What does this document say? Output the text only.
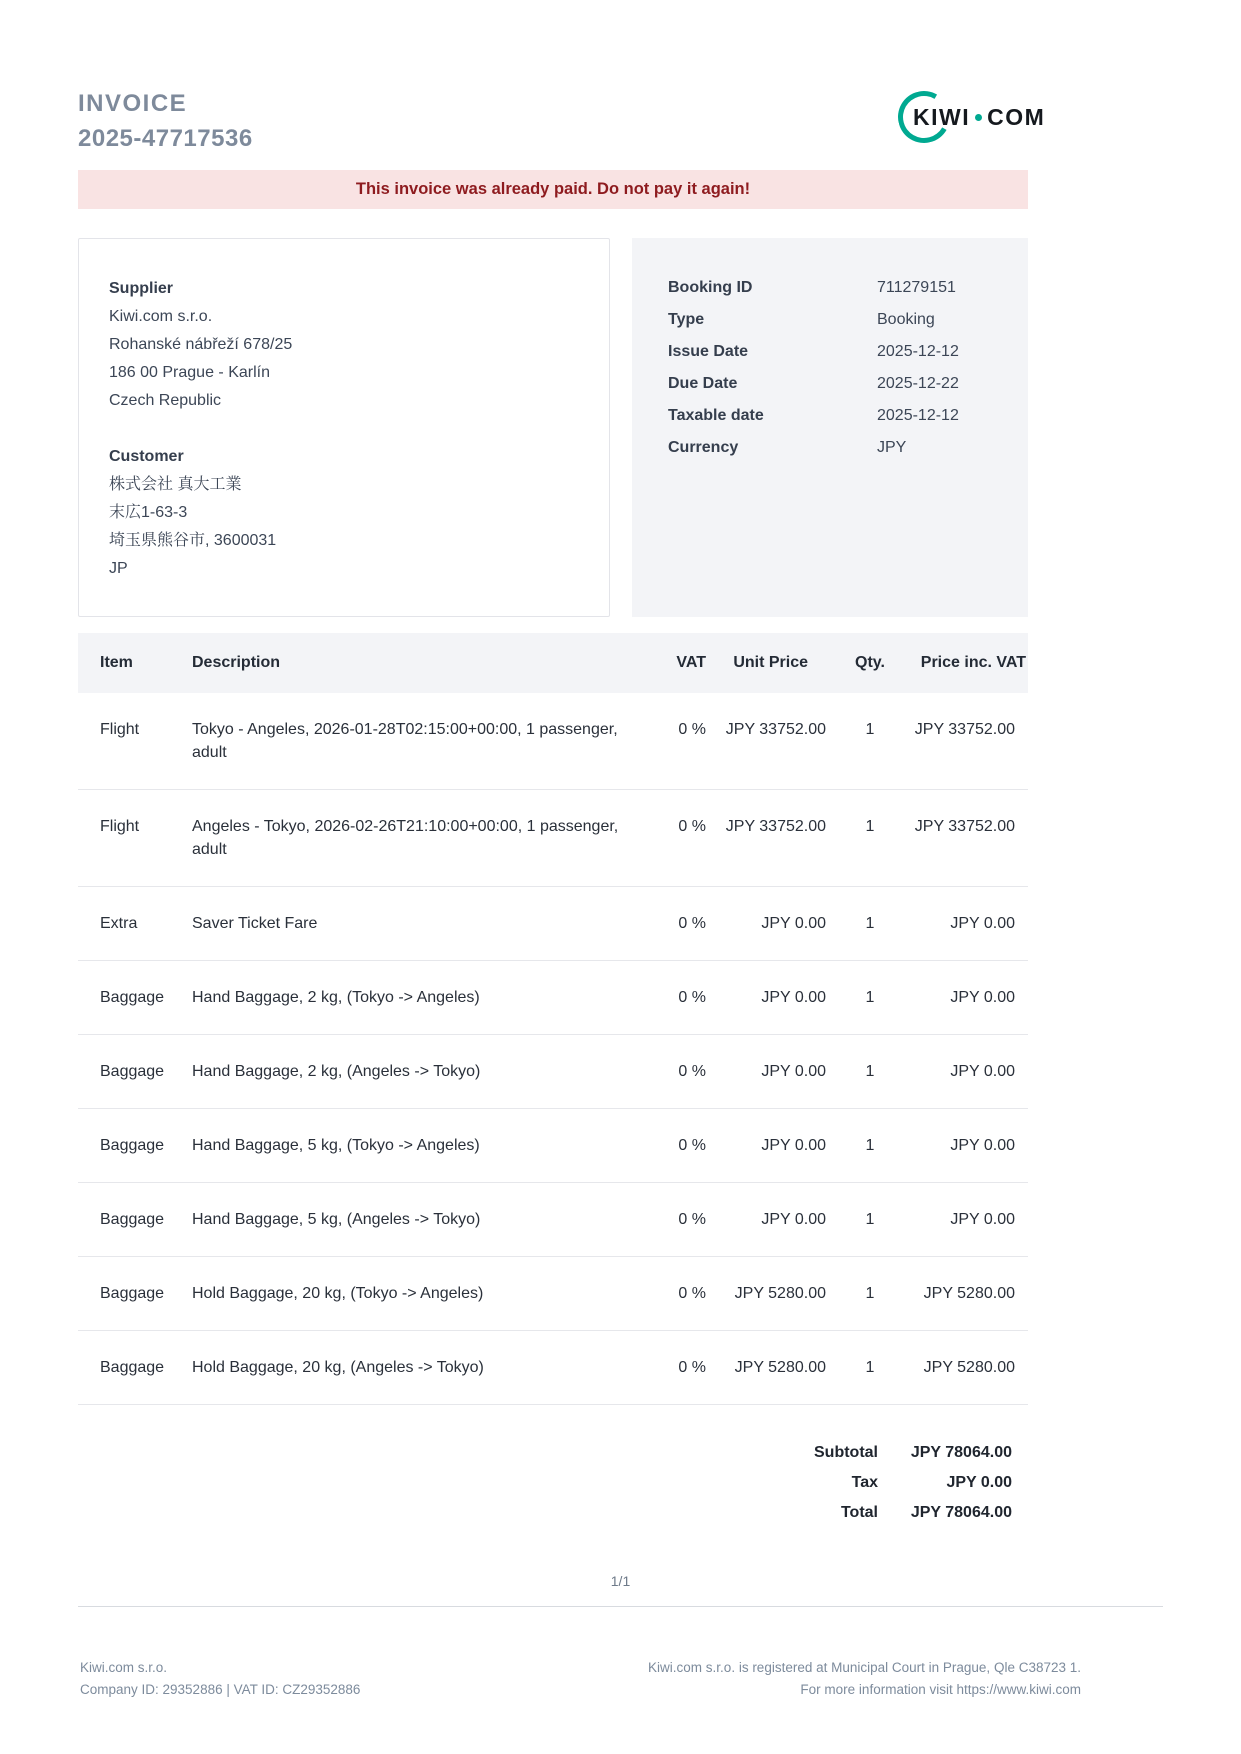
INVOICE
2025-47717536
KIWI COM
This invoice was already paid. Do not pay it again!
Supplier
Kiwi.com s.r.o.
Rohanské nábřeží 678/25
186 00 Prague - Karlín
Czech Republic
Customer
株式会社 真大工業
末広1-63-3
埼玉県熊谷市, 3600031
JP
Booking ID	711279151
Type	Booking
Issue Date	2025-12-12
Due Date	2025-12-22
Taxable date	2025-12-12
Currency	JPY
Item	Description	VAT	Unit Price	Qty.	Price inc. VAT
Flight	Tokyo - Angeles, 2026-01-28T02:15:00+00:00, 1 passenger, adult	0 %	JPY 33752.00	1	JPY 33752.00
Flight	Angeles - Tokyo, 2026-02-26T21:10:00+00:00, 1 passenger, adult	0 %	JPY 33752.00	1	JPY 33752.00
Extra	Saver Ticket Fare	0 %	JPY 0.00	1	JPY 0.00
Baggage	Hand Baggage, 2 kg, (Tokyo -> Angeles)	0 %	JPY 0.00	1	JPY 0.00
Baggage	Hand Baggage, 2 kg, (Angeles -> Tokyo)	0 %	JPY 0.00	1	JPY 0.00
Baggage	Hand Baggage, 5 kg, (Tokyo -> Angeles)	0 %	JPY 0.00	1	JPY 0.00
Baggage	Hand Baggage, 5 kg, (Angeles -> Tokyo)	0 %	JPY 0.00	1	JPY 0.00
Baggage	Hold Baggage, 20 kg, (Tokyo -> Angeles)	0 %	JPY 5280.00	1	JPY 5280.00
Baggage	Hold Baggage, 20 kg, (Angeles -> Tokyo)	0 %	JPY 5280.00	1	JPY 5280.00
Subtotal	JPY 78064.00
Tax	JPY 0.00
Total	JPY 78064.00
1/1
Kiwi.com s.r.o.
Company ID: 29352886 | VAT ID: CZ29352886
Kiwi.com s.r.o. is registered at Municipal Court in Prague, Qle C38723 1.
For more information visit https://www.kiwi.com
